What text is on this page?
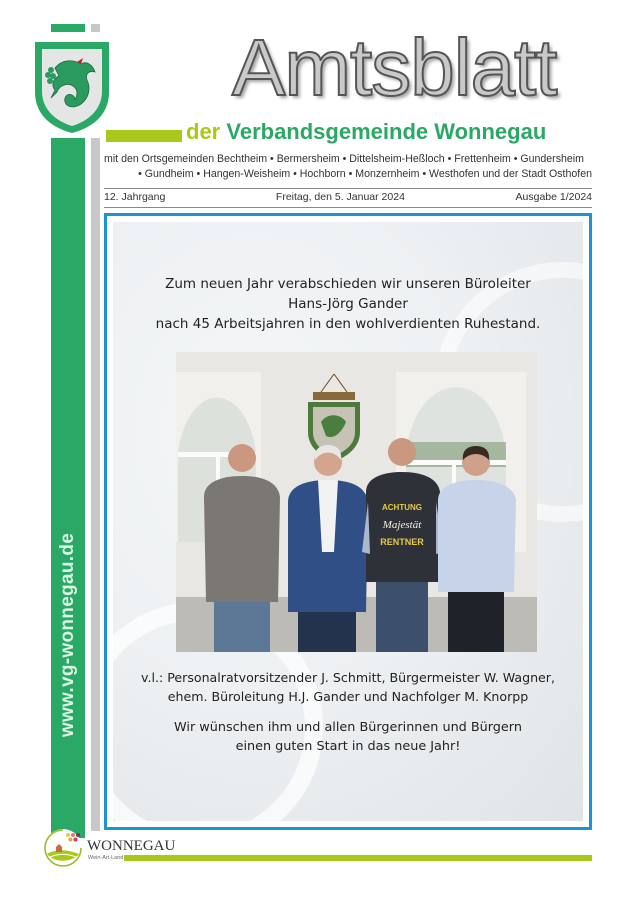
www.vg-wonnegau.de
Amtsblatt
der Verbandsgemeinde Wonnegau
mit den Ortsgemeinden Bechtheim • Bermersheim • Dittelsheim-Heßloch • Frettenheim • Gundersheim
• Gundheim • Hangen-Weisheim • Hochborn • Monzernheim • Westhofen und der Stadt Osthofen
12. Jahrgang	Freitag, den 5. Januar 2024	Ausgabe 1/2024
Zum neuen Jahr verabschieden wir unseren Büroleiter
Hans-Jörg Gander
nach 45 Arbeitsjahren in den wohlverdienten Ruhestand.
ACHTUNG
Majestät
RENTNER
v.l.: Personalratvorsitzender J. Schmitt, Bürgermeister W. Wagner,
ehem. Büroleitung H.J. Gander und Nachfolger M. Knorpp
Wir wünschen ihm und allen Bürgerinnen und Bürgern
einen guten Start in das neue Jahr!
WONNEGAU
Wein·Art·Land
